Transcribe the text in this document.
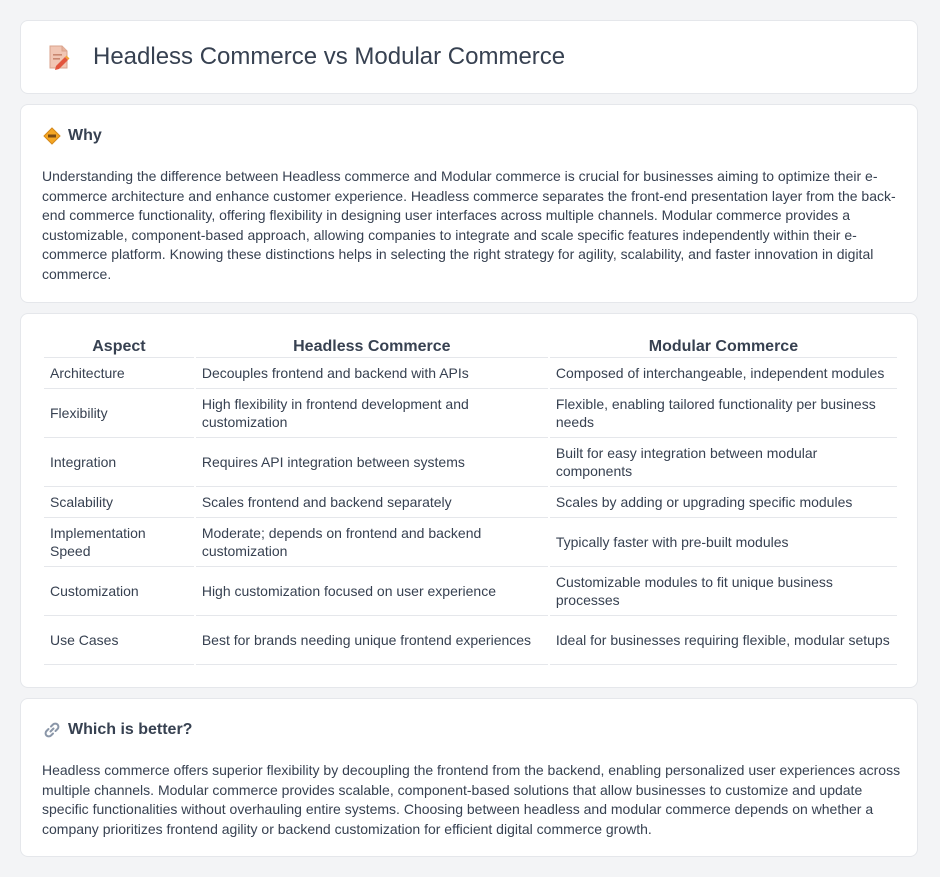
Headless Commerce vs Modular Commerce
Why
Understanding the difference between Headless commerce and Modular commerce is crucial for businesses aiming to optimize their e-commerce architecture and enhance customer experience. Headless commerce separates the front-end presentation layer from the back-end commerce functionality, offering flexibility in designing user interfaces across multiple channels. Modular commerce provides a customizable, component-based approach, allowing companies to integrate and scale specific features independently within their e-commerce platform. Knowing these distinctions helps in selecting the right strategy for agility, scalability, and faster innovation in digital commerce.
Aspect	Headless Commerce	Modular Commerce
Architecture	Decouples frontend and backend with APIs	Composed of interchangeable, independent modules
Flexibility	High flexibility in frontend development and customization	Flexible, enabling tailored functionality per business needs
Integration	Requires API integration between systems	Built for easy integration between modular components
Scalability	Scales frontend and backend separately	Scales by adding or upgrading specific modules
Implementation Speed	Moderate; depends on frontend and backend customization	Typically faster with pre-built modules
Customization	High customization focused on user experience	Customizable modules to fit unique business processes
Use Cases	Best for brands needing unique frontend experiences	Ideal for businesses requiring flexible, modular setups
Which is better?
Headless commerce offers superior flexibility by decoupling the frontend from the backend, enabling personalized user experiences across multiple channels. Modular commerce provides scalable, component-based solutions that allow businesses to customize and update specific functionalities without overhauling entire systems. Choosing between headless and modular commerce depends on whether a company prioritizes frontend agility or backend customization for efficient digital commerce growth.
